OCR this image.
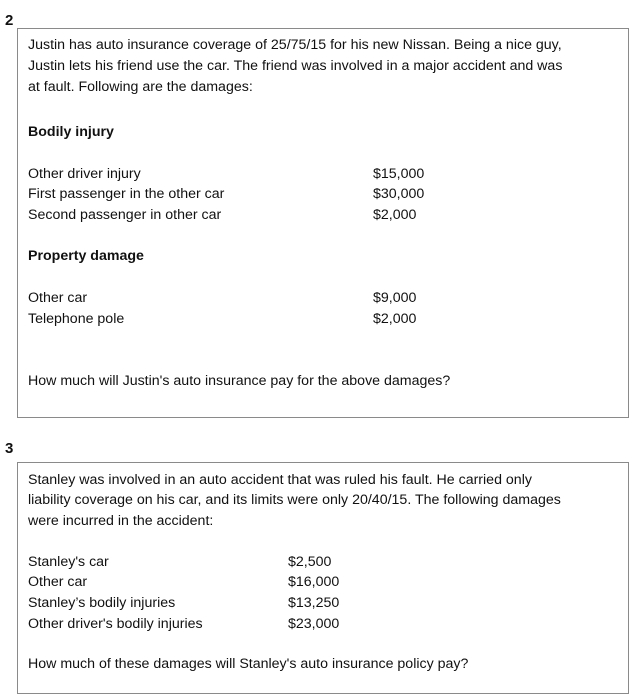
2
Justin has auto insurance coverage of 25/75/15 for his new Nissan. Being a nice guy,
Justin lets his friend use the car. The friend was involved in a major accident and was
at fault. Following are the damages:
Bodily injury
Other driver injury	$15,000
First passenger in the other car	$30,000
Second passenger in other car	$2,000
Property damage
Other car	$9,000
Telephone pole	$2,000
How much will Justin's auto insurance pay for the above damages?
3
Stanley was involved in an auto accident that was ruled his fault. He carried only
liability coverage on his car, and its limits were only 20/40/15. The following damages
were incurred in the accident:
Stanley's car	$2,500
Other car	$16,000
Stanley’s bodily injuries	$13,250
Other driver's bodily injuries	$23,000
How much of these damages will Stanley's auto insurance policy pay?
